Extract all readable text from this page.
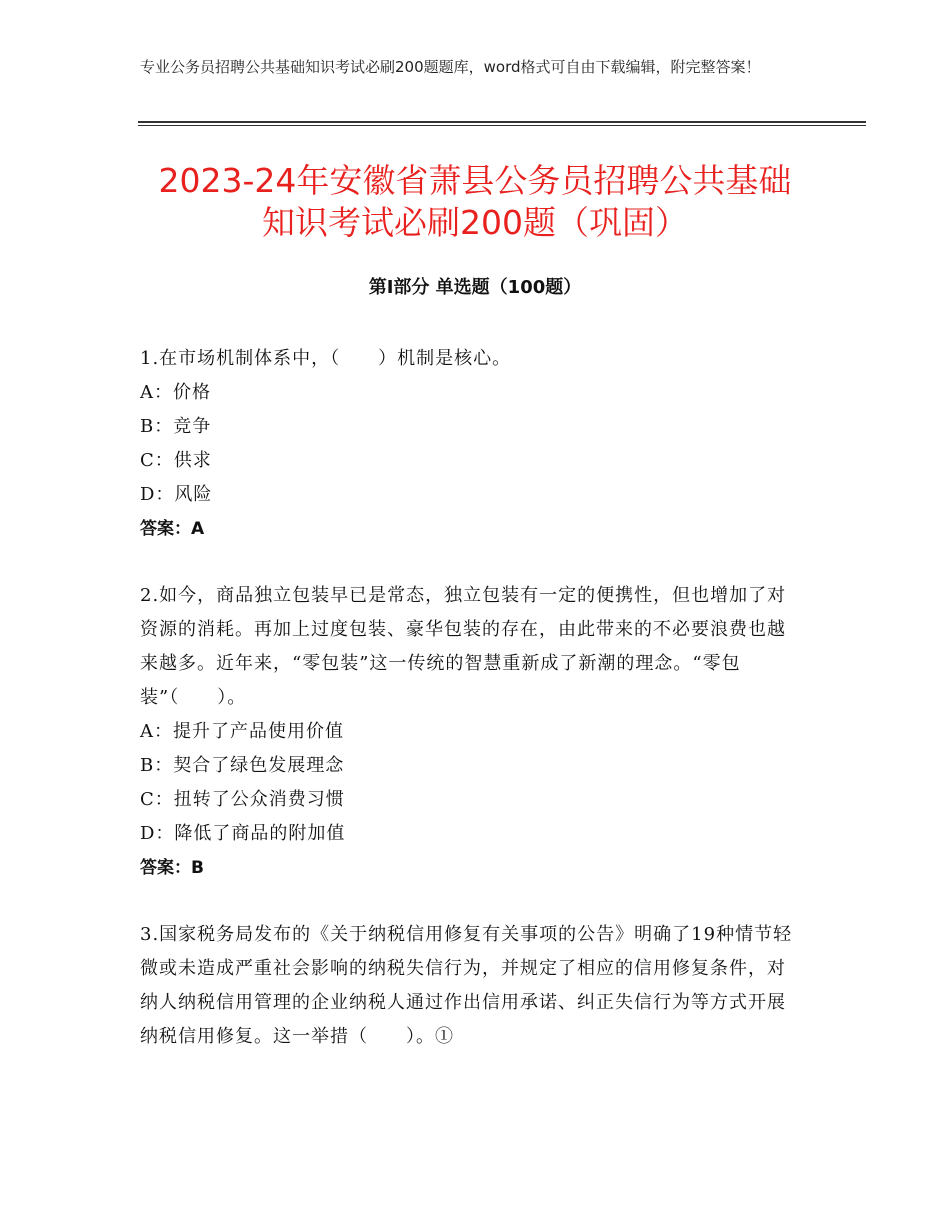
专业公务员招聘公共基础知识考试必刷200题题库，word格式可自由下载编辑，附完整答案！
2023-24年安徽省萧县公务员招聘公共基础
知识考试必刷200题（巩固）
第Ⅰ部分 单选题（100题）

1.在市场机制体系中，（　　）机制是核心。

A：价格

B：竞争

C：供求

D：风险

答案：A

2.如今，商品独立包装早已是常态，独立包装有一定的便携性，但也增加了对资源的消耗。再加上过度包装、豪华包装的存在，由此带来的不必要浪费也越来越多。近年来，“零包装”这一传统的智慧重新成了新潮的理念。“零包装”（　　）。

A：提升了产品使用价值

B：契合了绿色发展理念

C：扭转了公众消费习惯

D：降低了商品的附加值

答案：B

3.国家税务局发布的《关于纳税信用修复有关事项的公告》明确了19种情节轻微或未造成严重社会影响的纳税失信行为，并规定了相应的信用修复条件，对纳人纳税信用管理的企业纳税人通过作出信用承诺、纠正失信行为等方式开展纳税信用修复。这一举措（　　）。①
